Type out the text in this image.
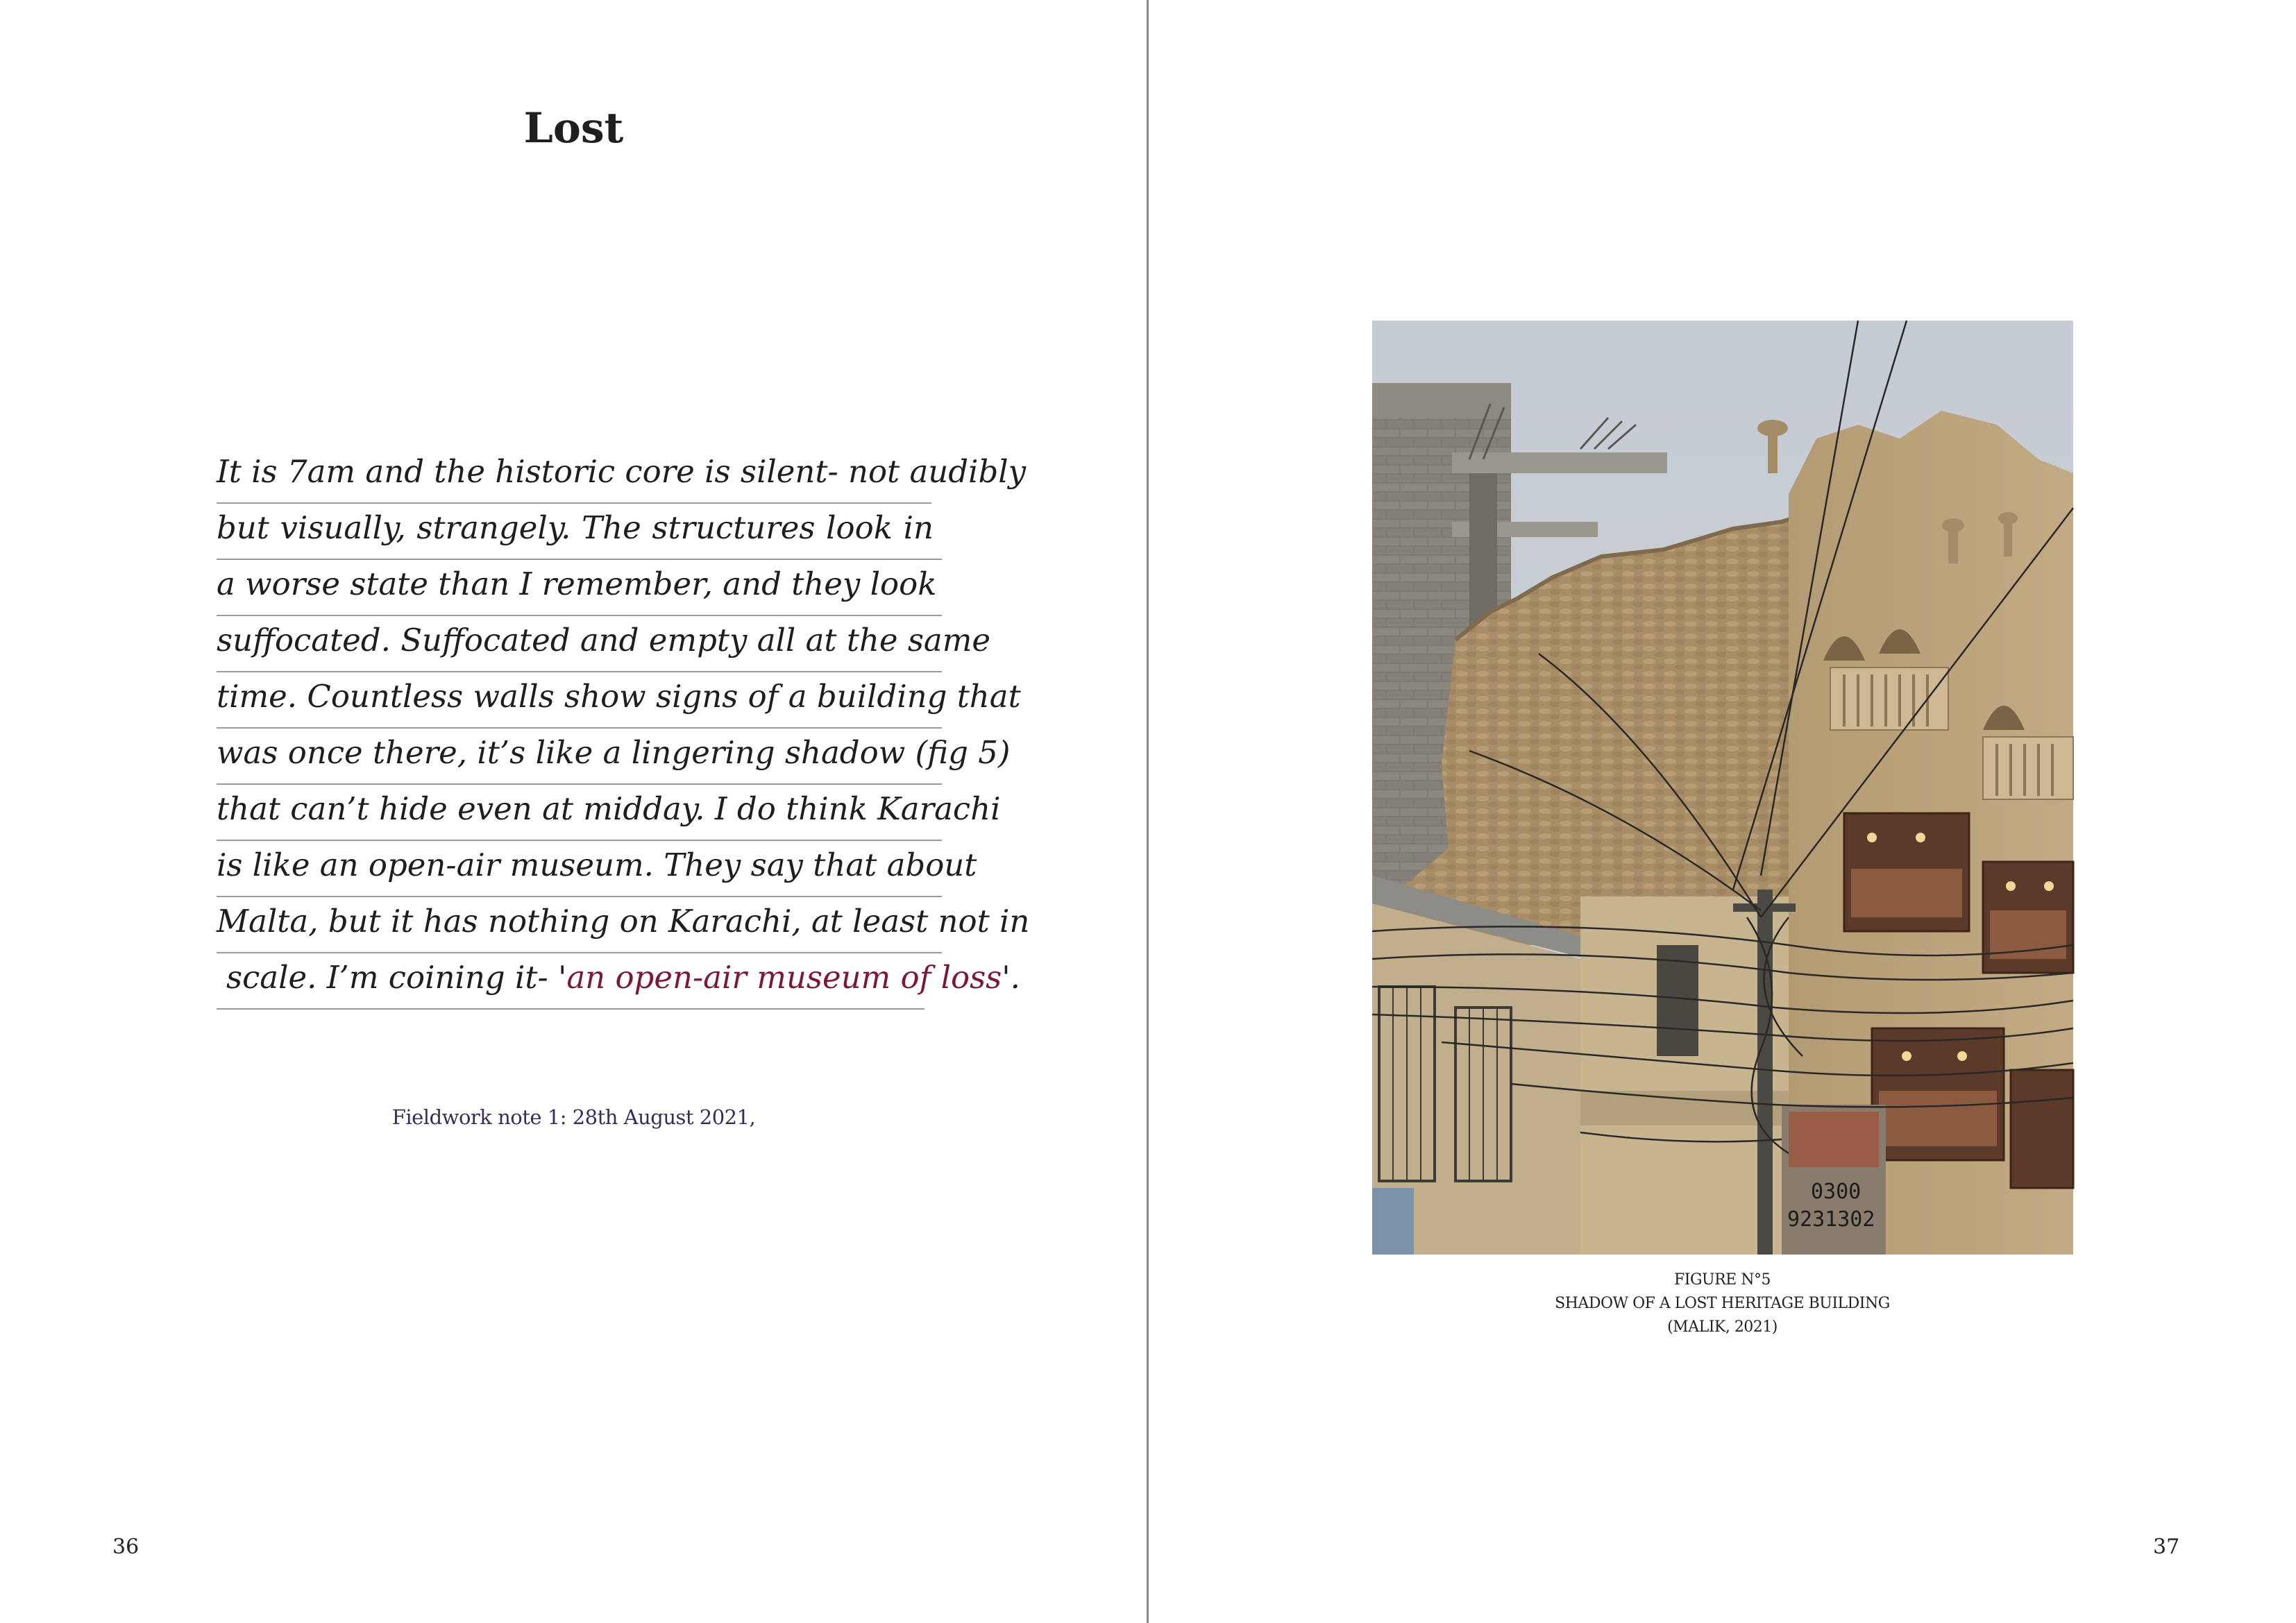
Lost
It is 7am and the historic core is silent- not audibly
but visually, strangely. The structures look in
a worse state than I remember, and they look
suffocated. Suffocated and empty all at the same
time. Countless walls show signs of a building that
was once there, it’s like a lingering shadow (fig 5)
that can’t hide even at midday. I do think Karachi
is like an open-air museum. They say that about
Malta, but it has nothing on Karachi, at least not in
scale. I’m coining it- 'an open-air museum of loss'.
Fieldwork note 1: 28th August 2021,
36
0300
9231302
FIGURE N°5
SHADOW OF A LOST HERITAGE BUILDING
(MALIK, 2021)
37
